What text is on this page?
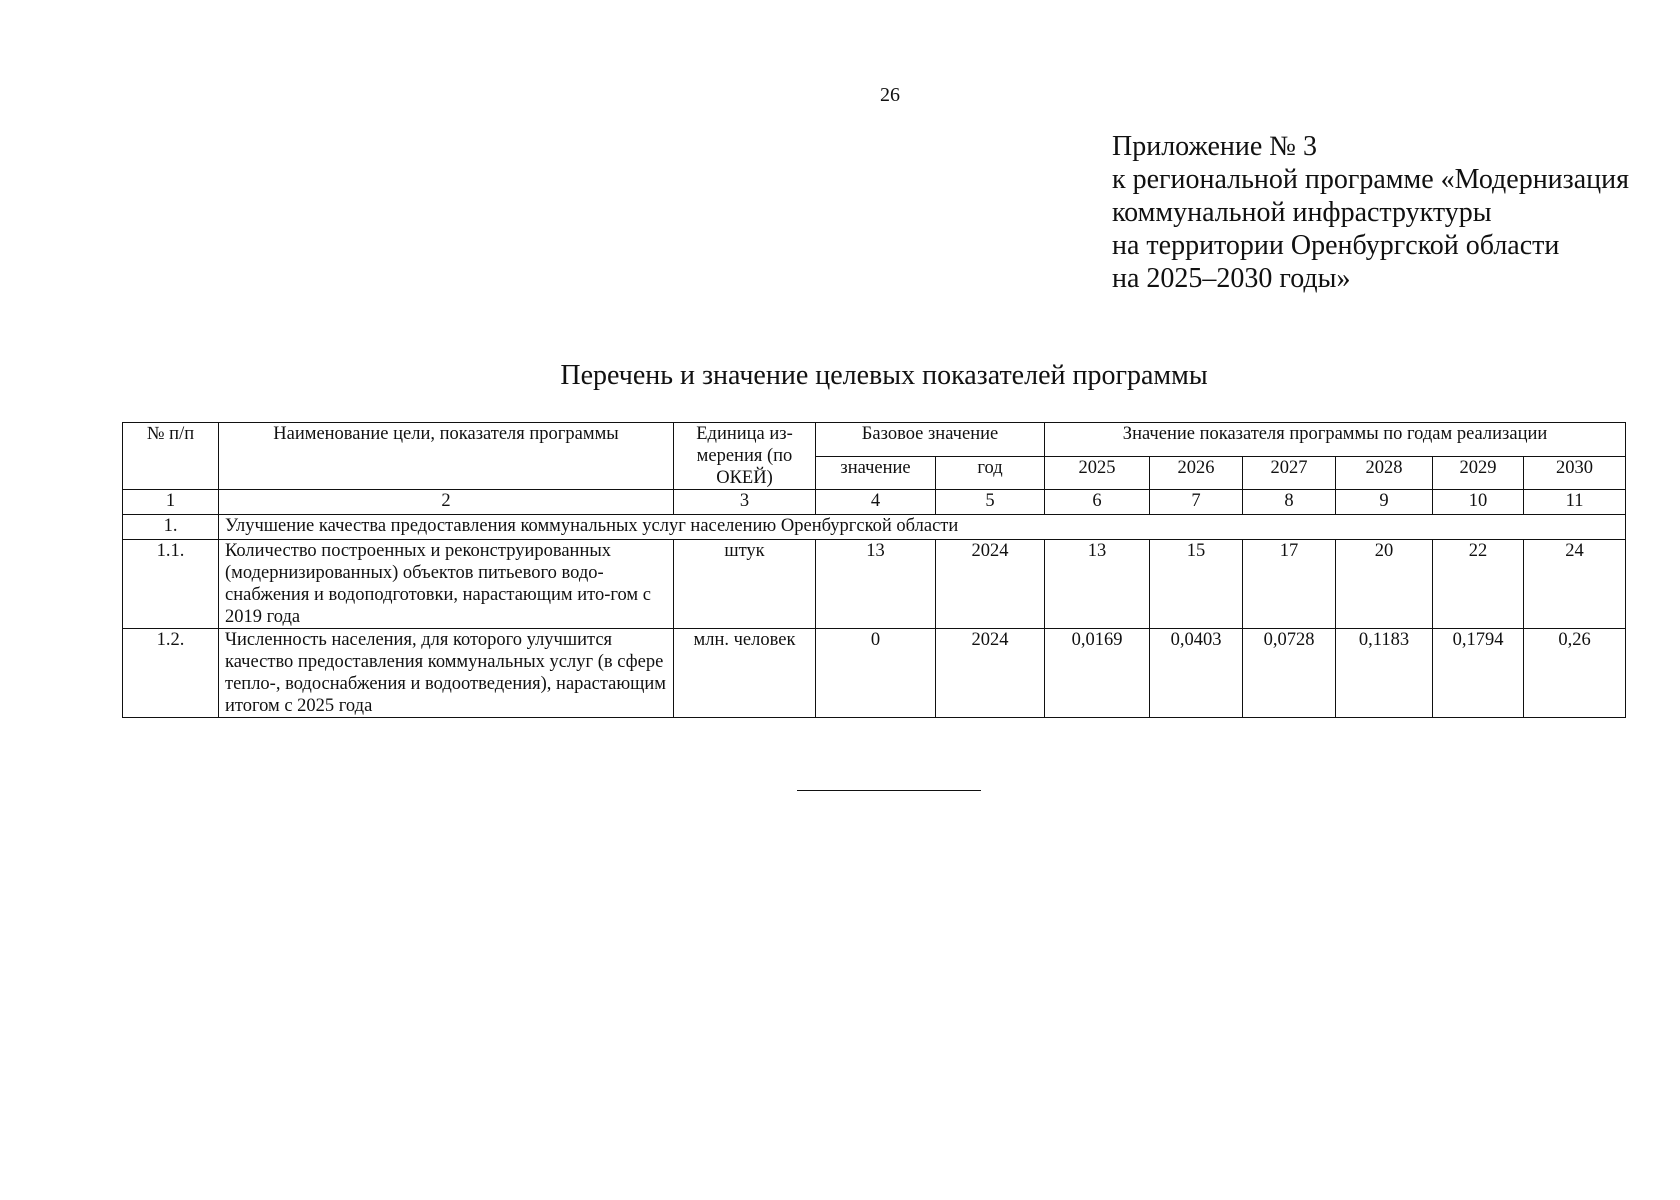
26
Приложение № 3
к региональной программе «Модернизация
коммунальной инфраструктуры
на территории Оренбургской области
на 2025–2030 годы»
Перечень и значение целевых показателей программы
№ п/п	Наименование цели, показателя программы	Единица из-мерения (по ОКЕЙ)	Базовое значение		Значение показателя программы по годам реализации					
			значение	год	2025	2026	2027	2028	2029	2030
1	2	3	4	5	6	7	8	9	10	11
1.	Улучшение качества предоставления коммунальных услуг населению Оренбургской области									
1.1.	Количество построенных и реконструированных (модернизированных) объектов питьевого водо-снабжения и водоподготовки, нарастающим ито-гом с 2019 года	штук	13	2024	13	15	17	20	22	24
1.2.	Численность населения, для которого улучшится качество предоставления коммунальных услуг (в сфере тепло-, водоснабжения и водоотведения), нарастающим итогом с 2025 года	млн. человек	0	2024	0,0169	0,0403	0,0728	0,1183	0,1794	0,26
